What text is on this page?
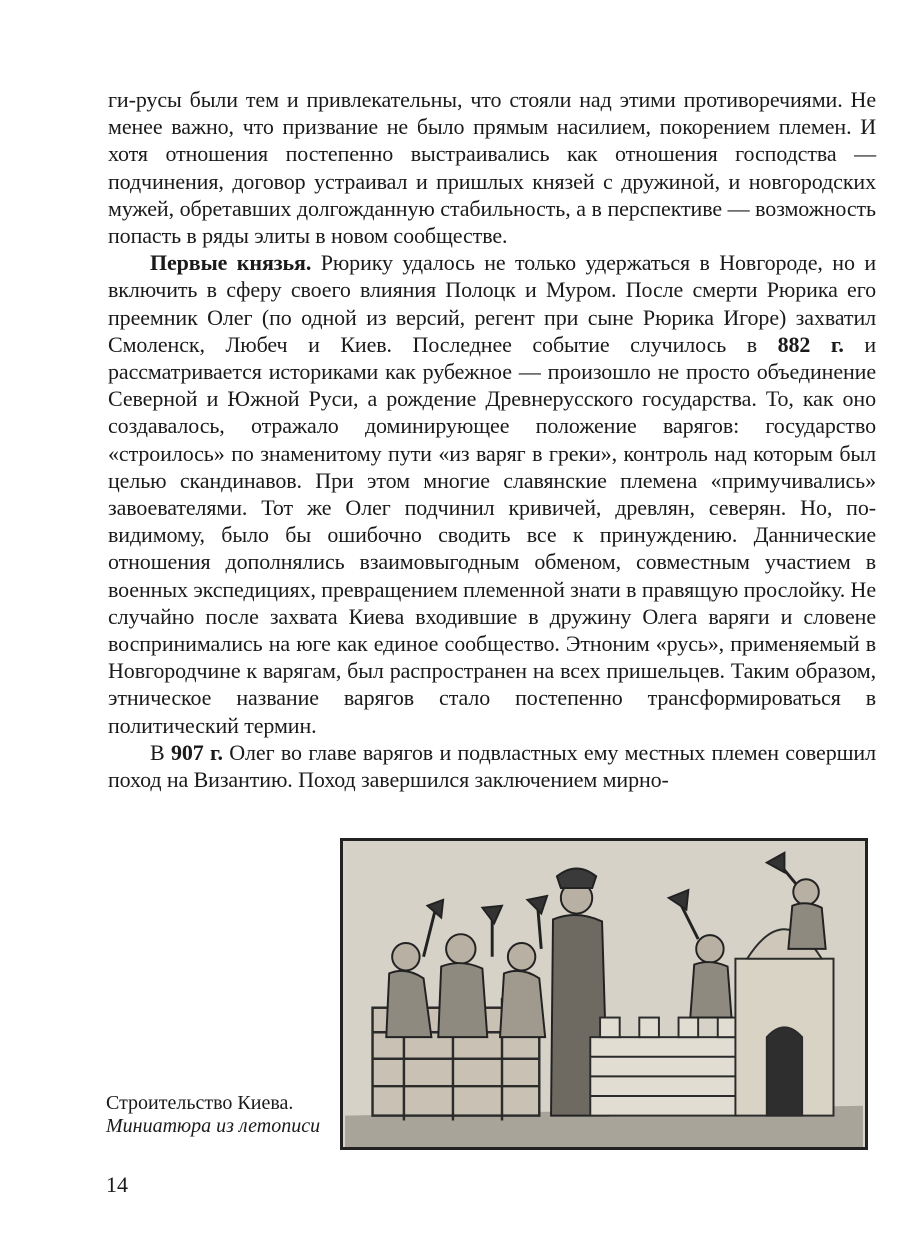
ги-русы были тем и привлекательны, что стояли над этими противоречиями. Не менее важно, что призвание не было прямым насилием, покорением племен. И хотя отношения постепенно выстраивались как отношения господства — подчинения, договор устраивал и пришлых князей с дружиной, и новгородских мужей, обретавших долгожданную стабильность, а в перспективе — возможность попасть в ряды элиты в новом сообществе.

Первые князья. Рюрику удалось не только удержаться в Новгороде, но и включить в сферу своего влияния Полоцк и Муром. После смерти Рюрика его преемник Олег (по одной из версий, регент при сыне Рюрика Игоре) захватил Смоленск, Любеч и Киев. Последнее событие случилось в 882 г. и рассматривается историками как рубежное — произошло не просто объединение Северной и Южной Руси, а рождение Древнерусского государства. То, как оно создавалось, отражало доминирующее положение варягов: государство «строилось» по знаменитому пути «из варяг в греки», контроль над которым был целью скандинавов. При этом многие славянские племена «примучивались» завоевателями. Тот же Олег подчинил кривичей, древлян, северян. Но, по-видимому, было бы ошибочно сводить все к принуждению. Даннические отношения дополнялись взаимовыгодным обменом, совместным участием в военных экспедициях, превращением племенной знати в правящую прослойку. Не случайно после захвата Киева входившие в дружину Олега варяги и словене воспринимались на юге как единое сообщество. Этноним «русь», применяемый в Новгородчине к варягам, был распространен на всех пришельцев. Таким образом, этническое название варягов стало постепенно трансформироваться в политический термин.

В 907 г. Олег во главе варягов и подвластных ему местных племен совершил поход на Византию. Поход завершился заключением мирно-

Строительство Киева.
Миниатюра из летописи
14
